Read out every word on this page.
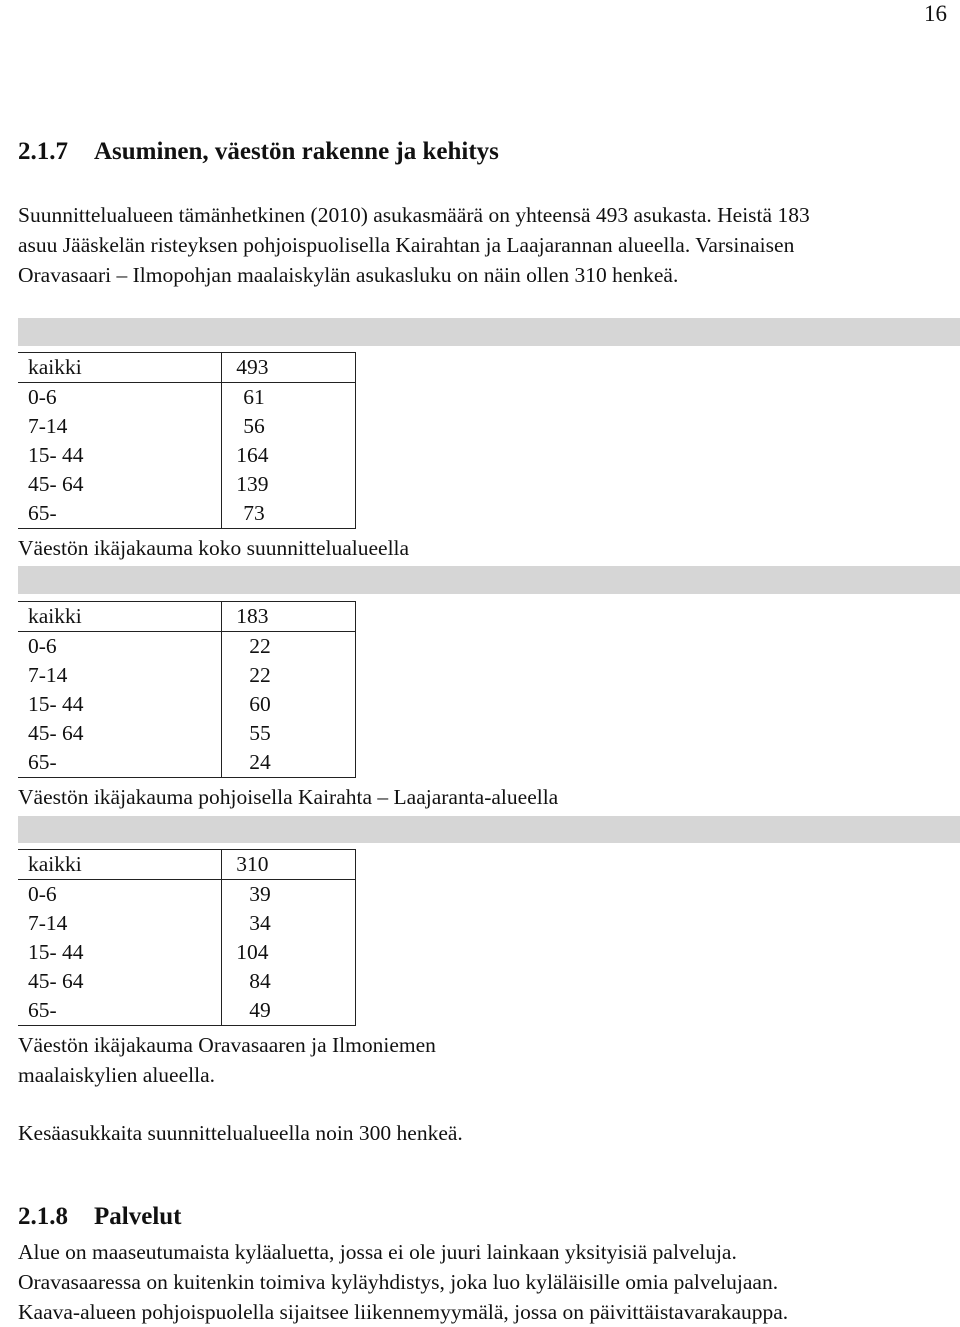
16
2.1.7 Asuminen, väestön rakenne ja kehitys

Suunnittelualueen tämänhetkinen (2010) asukasmäärä on yhteensä 493 asukasta. Heistä 183
asuu Jääskelän risteyksen pohjoispuolisella Kairahtan ja Laajarannan alueella. Varsinaisen
Oravasaari – Ilmopohjan maalaiskylän asukasluku on näin ollen 310 henkeä.

kaikki	493
0-6	61
7-14	56
15- 44	164
45- 64	139
65-	73
Väestön ikäjakauma koko suunnittelualueella
kaikki	183
0-6	22
7-14	22
15- 44	60
45- 64	55
65-	24
Väestön ikäjakauma pohjoisella Kairahta – Laajaranta-alueella
kaikki	310
0-6	39
7-14	34
15- 44	104
45- 64	84
65-	49
Väestön ikäjakauma Oravasaaren ja Ilmoniemen
maalaiskylien alueella.
Kesäasukkaita suunnittelualueella noin 300 henkeä.
2.1.8 Palvelut

Alue on maaseutumaista kyläaluetta, jossa ei ole juuri lainkaan yksityisiä palveluja.
Oravasaaressa on kuitenkin toimiva kyläyhdistys, joka luo kyläläisille omia palvelujaan.
Kaava-alueen pohjoispuolella sijaitsee liikennemyymälä, jossa on päivittäistavarakauppa.
